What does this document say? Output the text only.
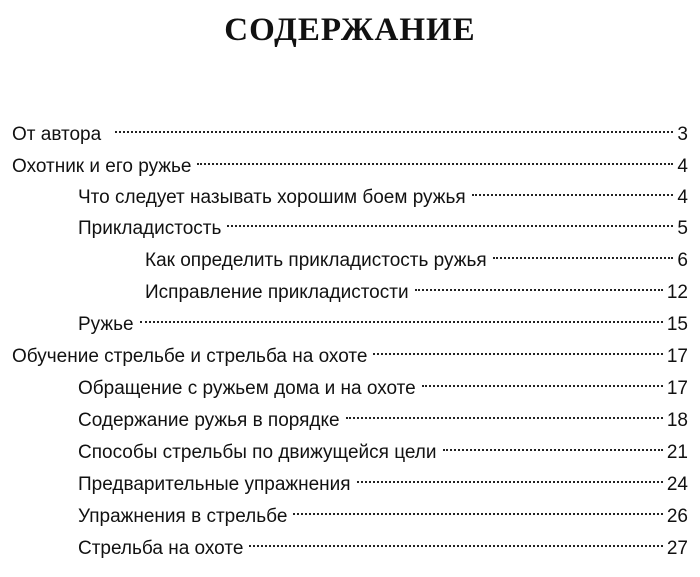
СОДЕРЖАНИЕ
От автора	3
Охотник и его ружье	4
Что следует называть хорошим боем ружья	4
Прикладистость	5
Как определить прикладистость ружья	6
Исправление прикладистости	12
Ружье	15
Обучение стрельбе и стрельба на охоте	17
Обращение с ружьем дома и на охоте	17
Содержание ружья в порядке	18
Способы стрельбы по движущейся цели	21
Предварительные упражнения	24
Упражнения в стрельбе	26
Стрельба на охоте	27
